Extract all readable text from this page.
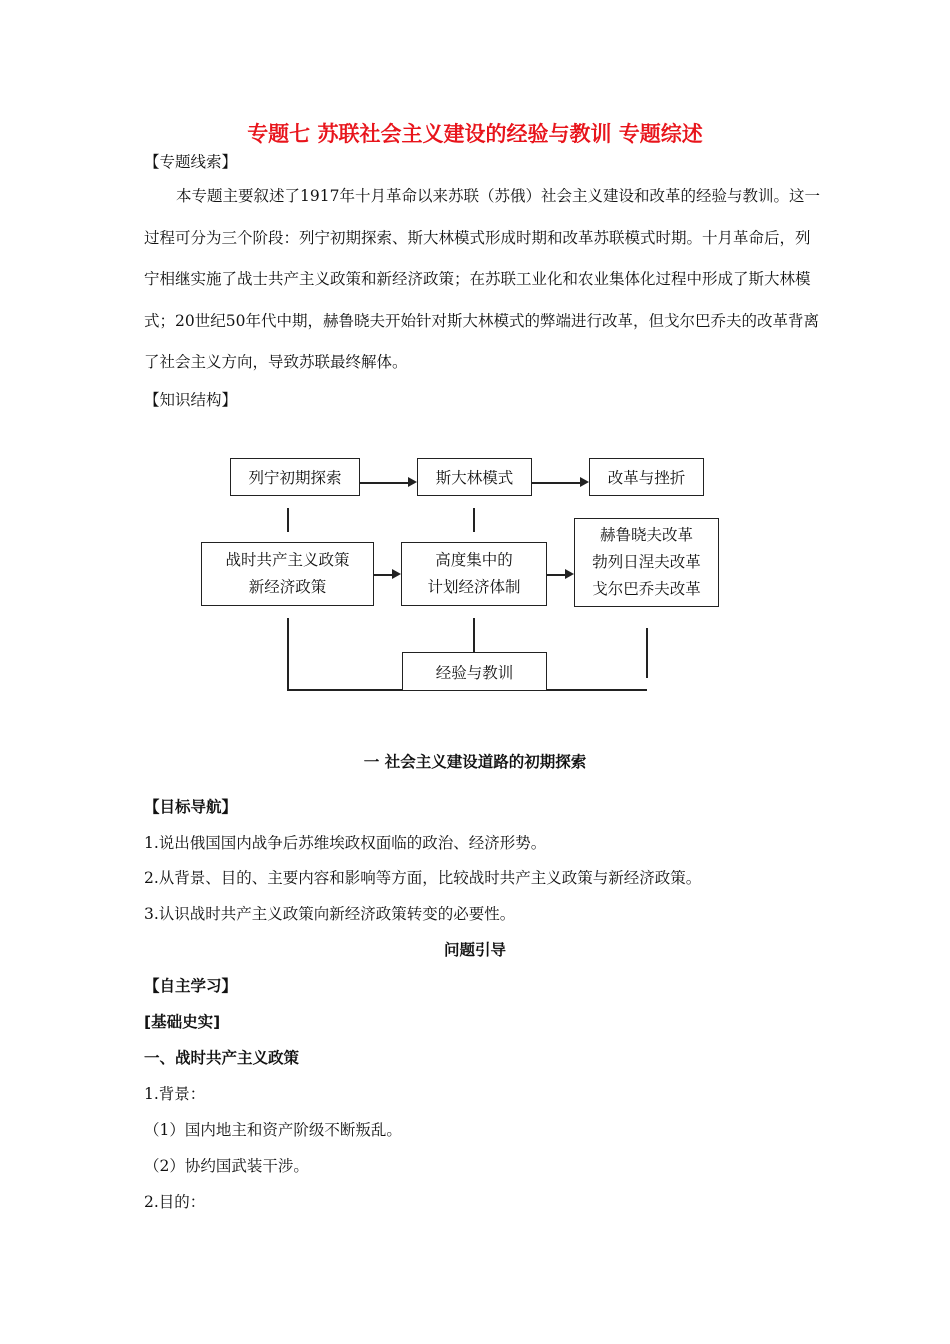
专题七 苏联社会主义建设的经验与教训 专题综述
【专题线索】
本专题主要叙述了1917年十月革命以来苏联（苏俄）社会主义建设和改革的经验与教训。这一过程可分为三个阶段：列宁初期探索、斯大林模式形成时期和改革苏联模式时期。十月革命后，列宁相继实施了战士共产主义政策和新经济政策；在苏联工业化和农业集体化过程中形成了斯大林模式；20世纪50年代中期，赫鲁晓夫开始针对斯大林模式的弊端进行改革，但戈尔巴乔夫的改革背离了社会主义方向，导致苏联最终解体。
【知识结构】
列宁初期探索	斯大林模式	改革与挫折
战时共产主义政策
新经济政策
高度集中的
计划经济体制
赫鲁晓夫改革
勃列日涅夫改革
戈尔巴乔夫改革
经验与教训
一 社会主义建设道路的初期探索
【目标导航】
1.说出俄国国内战争后苏维埃政权面临的政治、经济形势。
2.从背景、目的、主要内容和影响等方面，比较战时共产主义政策与新经济政策。
3.认识战时共产主义政策向新经济政策转变的必要性。
问题引导
【自主学习】
[基础史实]
一、战时共产主义政策
1.背景：
（1）国内地主和资产阶级不断叛乱。
（2）协约国武装干涉。
2.目的：
